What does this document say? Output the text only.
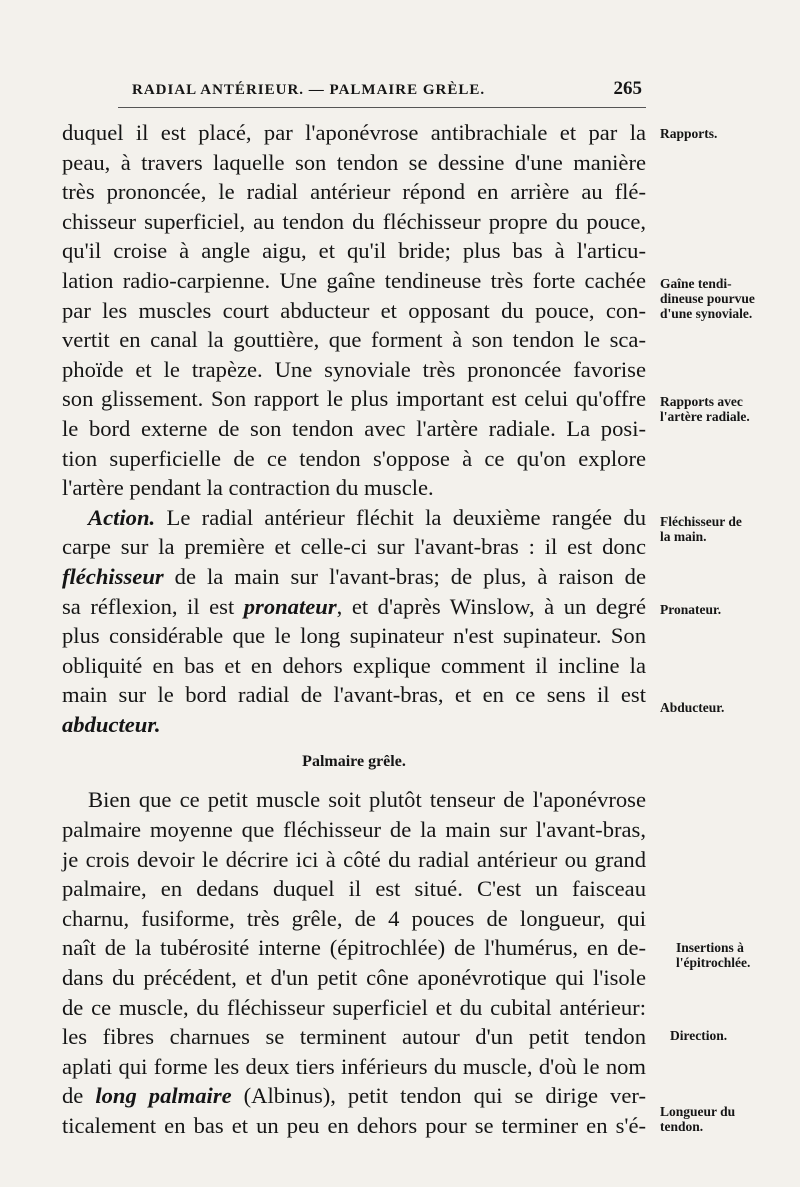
RADIAL ANTÉRIEUR. — PALMAIRE GRÈLE.	265
duquel il est placé, par l'aponévrose antibrachiale et par la
peau, à travers laquelle son tendon se dessine d'une manière
très prononcée, le radial antérieur répond en arrière au flé-
chisseur superficiel, au tendon du fléchisseur propre du pouce,
qu'il croise à angle aigu, et qu'il bride; plus bas à l'articu-
lation radio-carpienne. Une gaîne tendineuse très forte cachée
par les muscles court abducteur et opposant du pouce, con-
vertit en canal la gouttière, que forment à son tendon le sca-
phoïde et le trapèze. Une synoviale très prononcée favorise
son glissement. Son rapport le plus important est celui qu'offre
le bord externe de son tendon avec l'artère radiale. La posi-
tion superficielle de ce tendon s'oppose à ce qu'on explore
l'artère pendant la contraction du muscle.
Action. Le radial antérieur fléchit la deuxième rangée du
carpe sur la première et celle-ci sur l'avant-bras : il est donc
fléchisseur de la main sur l'avant-bras; de plus, à raison de
sa réflexion, il est pronateur, et d'après Winslow, à un degré
plus considérable que le long supinateur n'est supinateur. Son
obliquité en bas et en dehors explique comment il incline la
main sur le bord radial de l'avant-bras, et en ce sens il est
abducteur.
Palmaire grêle.
Bien que ce petit muscle soit plutôt tenseur de l'aponévrose
palmaire moyenne que fléchisseur de la main sur l'avant-bras,
je crois devoir le décrire ici à côté du radial antérieur ou grand
palmaire, en dedans duquel il est situé. C'est un faisceau
charnu, fusiforme, très grêle, de 4 pouces de longueur, qui
naît de la tubérosité interne (épitrochlée) de l'humérus, en de-
dans du précédent, et d'un petit cône aponévrotique qui l'isole
de ce muscle, du fléchisseur superficiel et du cubital antérieur:
les fibres charnues se terminent autour d'un petit tendon
aplati qui forme les deux tiers inférieurs du muscle, d'où le nom
de long palmaire (Albinus), petit tendon qui se dirige ver-
ticalement en bas et un peu en dehors pour se terminer en s'é-
Rapports.
Gaîne tendi-
dineuse pourvue
d'une synoviale.
Rapports avec
l'artère radiale.
Fléchisseur de
la main.
Pronateur.
Abducteur.
Insertions à
l'épitrochlée.
Direction.
Longueur du
tendon.
